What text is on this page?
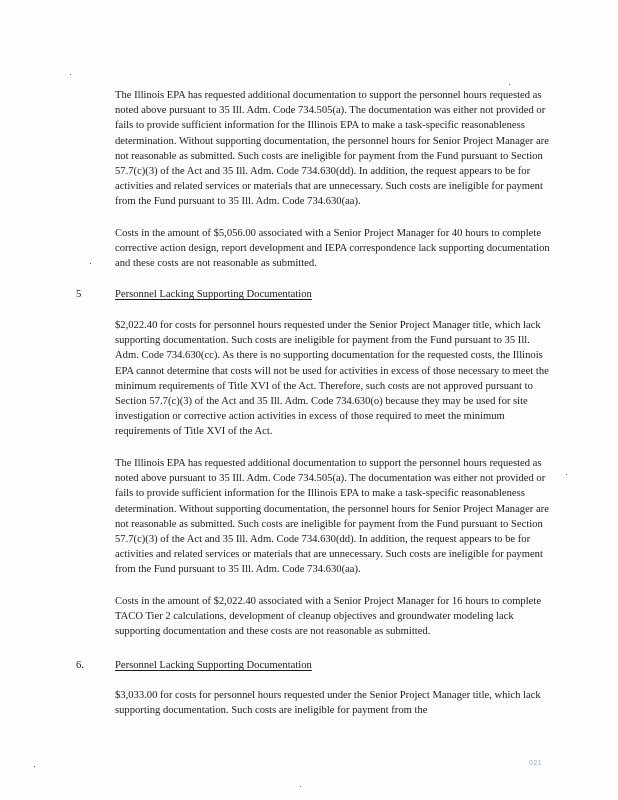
The Illinois EPA has requested additional documentation to support the personnel hours requested as noted above pursuant to 35 Ill. Adm. Code 734.505(a). The documentation was either not provided or fails to provide sufficient information for the Illinois EPA to make a task-specific reasonableness determination. Without supporting documentation, the personnel hours for Senior Project Manager are not reasonable as submitted. Such costs are ineligible for payment from the Fund pursuant to Section 57.7(c)(3) of the Act and 35 Ill. Adm. Code 734.630(dd). In addition, the request appears to be for activities and related services or materials that are unnecessary. Such costs are ineligible for payment from the Fund pursuant to 35 Ill. Adm. Code 734.630(aa).

Costs in the amount of $5,056.00 associated with a Senior Project Manager for 40 hours to complete corrective action design, report development and IEPA correspondence lack supporting documentation and these costs are not reasonable as submitted.

5	Personnel Lacking Supporting Documentation

$2,022.40 for costs for personnel hours requested under the Senior Project Manager title, which lack supporting documentation. Such costs are ineligible for payment from the Fund pursuant to 35 Ill. Adm. Code 734.630(cc). As there is no supporting documentation for the requested costs, the Illinois EPA cannot determine that costs will not be used for activities in excess of those necessary to meet the minimum requirements of Title XVI of the Act. Therefore, such costs are not approved pursuant to Section 57.7(c)(3) of the Act and 35 Ill. Adm. Code 734.630(o) because they may be used for site investigation or corrective action activities in excess of those required to meet the minimum requirements of Title XVI of the Act.

The Illinois EPA has requested additional documentation to support the personnel hours requested as noted above pursuant to 35 Ill. Adm. Code 734.505(a). The documentation was either not provided or fails to provide sufficient information for the Illinois EPA to make a task-specific reasonableness determination. Without supporting documentation, the personnel hours for Senior Project Manager are not reasonable as submitted. Such costs are ineligible for payment from the Fund pursuant to Section 57.7(c)(3) of the Act and 35 Ill. Adm. Code 734.630(dd). In addition, the request appears to be for activities and related services or materials that are unnecessary. Such costs are ineligible for payment from the Fund pursuant to 35 Ill. Adm. Code 734.630(aa).

Costs in the amount of $2,022.40 associated with a Senior Project Manager for 16 hours to complete TACO Tier 2 calculations, development of cleanup objectives and groundwater modeling lack supporting documentation and these costs are not reasonable as submitted.

6.	Personnel Lacking Supporting Documentation

$3,033.00 for costs for personnel hours requested under the Senior Project Manager title, which lack supporting documentation. Such costs are ineligible for payment from the

021
